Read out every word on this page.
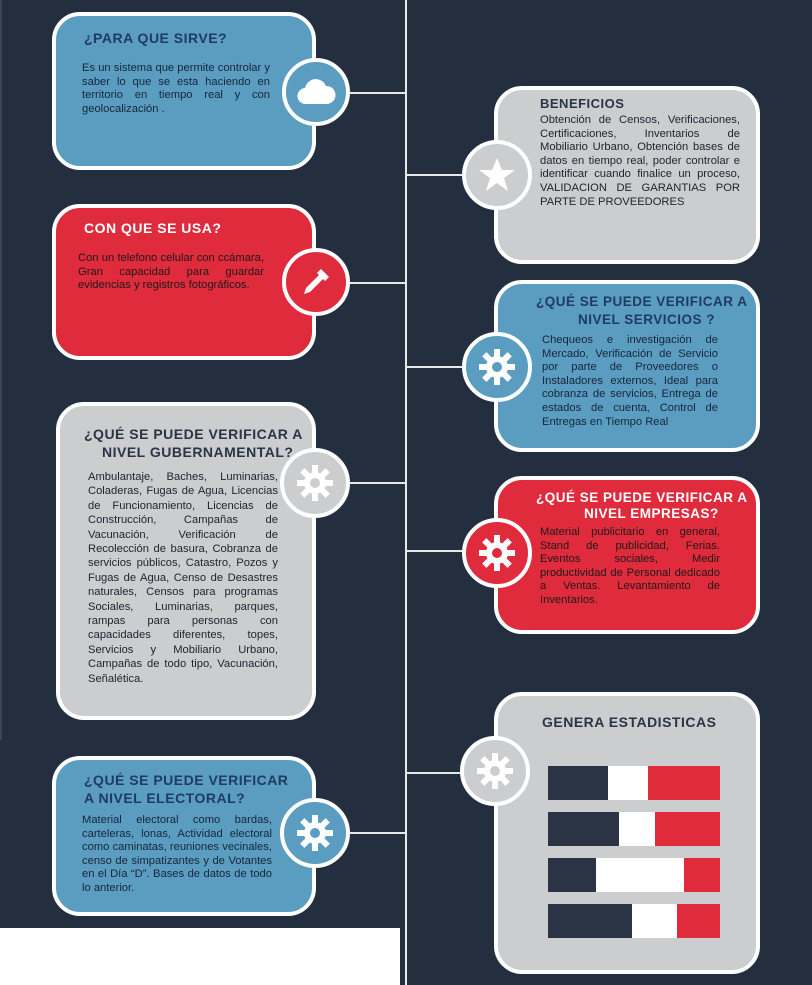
¿PARA QUE SIRVE?
Es un sistema que permite controlar y saber lo que se esta haciendo en territorio en tiempo real y con geolocalización .
CON QUE SE USA?
Con un telefono celular con ccámara, Gran capacidad para guardar evidencias y registros fotográficos.
¿QUÉ SE PUEDE VERIFICAR A
NIVEL GUBERNAMENTAL?
Ambulantaje, Baches, Luminarias, Coladeras, Fugas de Agua, Licencias de Funcionamiento, Licencias de Construcción, Campañas de Vacunación, Verificación de Recolección de basura, Cobranza de servicios públicos, Catastro, Pozos y Fugas de Agua, Censo de Desastres naturales, Censos para programas Sociales, Luminarias, parques, rampas para personas con capacidades diferentes, topes, Servicios y Mobiliario Urbano, Campañas de todo tipo, Vacunación, Señalética.
¿QUÉ SE PUEDE VERIFICAR
A NIVEL ELECTORAL?
Material electoral como bardas, carteleras, lonas, Actividad electoral como caminatas, reuniones vecinales, censo de simpatizantes y de Votantes en el Día “D”. Bases de datos de todo lo anterior.
BENEFICIOS
Obtención de Censos, Verificaciones, Certificaciones, Inventarios de Mobiliario Urbano, Obtención bases de datos en tiempo real, poder controlar e identificar cuando finalice un proceso, VALIDACION DE GARANTIAS POR PARTE DE PROVEEDORES
¿QUÉ SE PUEDE VERIFICAR A
NIVEL SERVICIOS ?
Chequeos e investigación de Mercado, Verificación de Servicio por parte de Proveedores o Instaladores externos, Ideal para cobranza de servicios, Entrega de estados de cuenta, Control de Entregas en Tiempo Real
¿QUÉ SE PUEDE VERIFICAR A
NIVEL EMPRESAS?
Material publicitario en general, Stand de publicidad, Ferias. Eventos sociales, Medir productividad de Personal dedicado a Ventas. Levantamiento de Inventarios.
GENERA ESTADISTICAS
